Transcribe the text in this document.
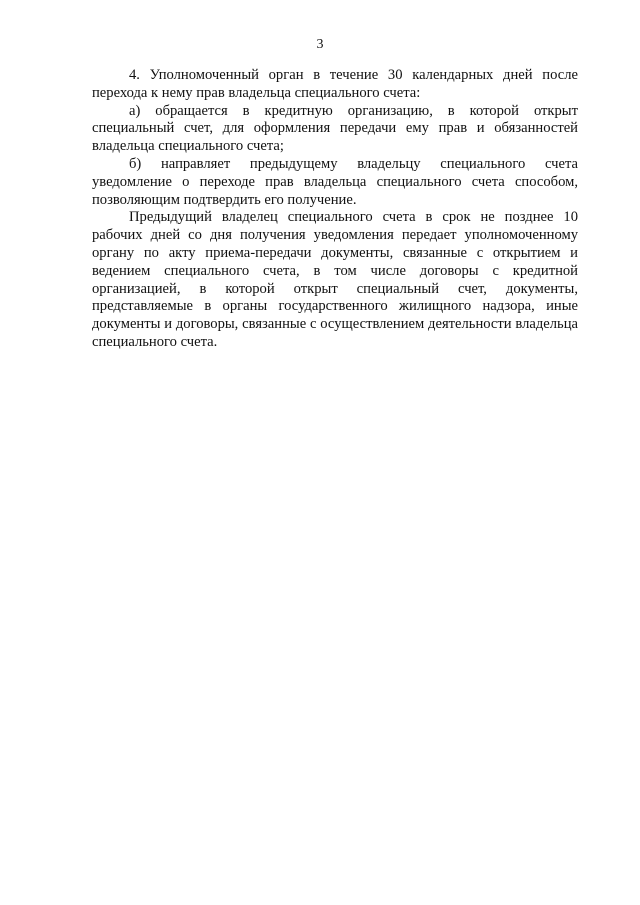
3

4. Уполномоченный орган в течение 30 календарных дней после перехода к нему прав владельца специального счета:

а) обращается в кредитную организацию, в которой открыт специальный счет, для оформления передачи ему прав и обязанностей владельца специального счета;

б) направляет предыдущему владельцу специального счета уведомление о переходе прав владельца специального счета способом, позволяющим подтвердить его получение.

Предыдущий владелец специального счета в срок не позднее 10 рабочих дней со дня получения уведомления передает уполномоченному органу по акту приема-передачи документы, связанные с открытием и ведением специального счета, в том числе договоры с кредитной организацией, в которой открыт специальный счет, документы, представляемые в органы государственного жилищного надзора, иные документы и договоры, связанные с осуществлением деятельности владельца специального счета.
